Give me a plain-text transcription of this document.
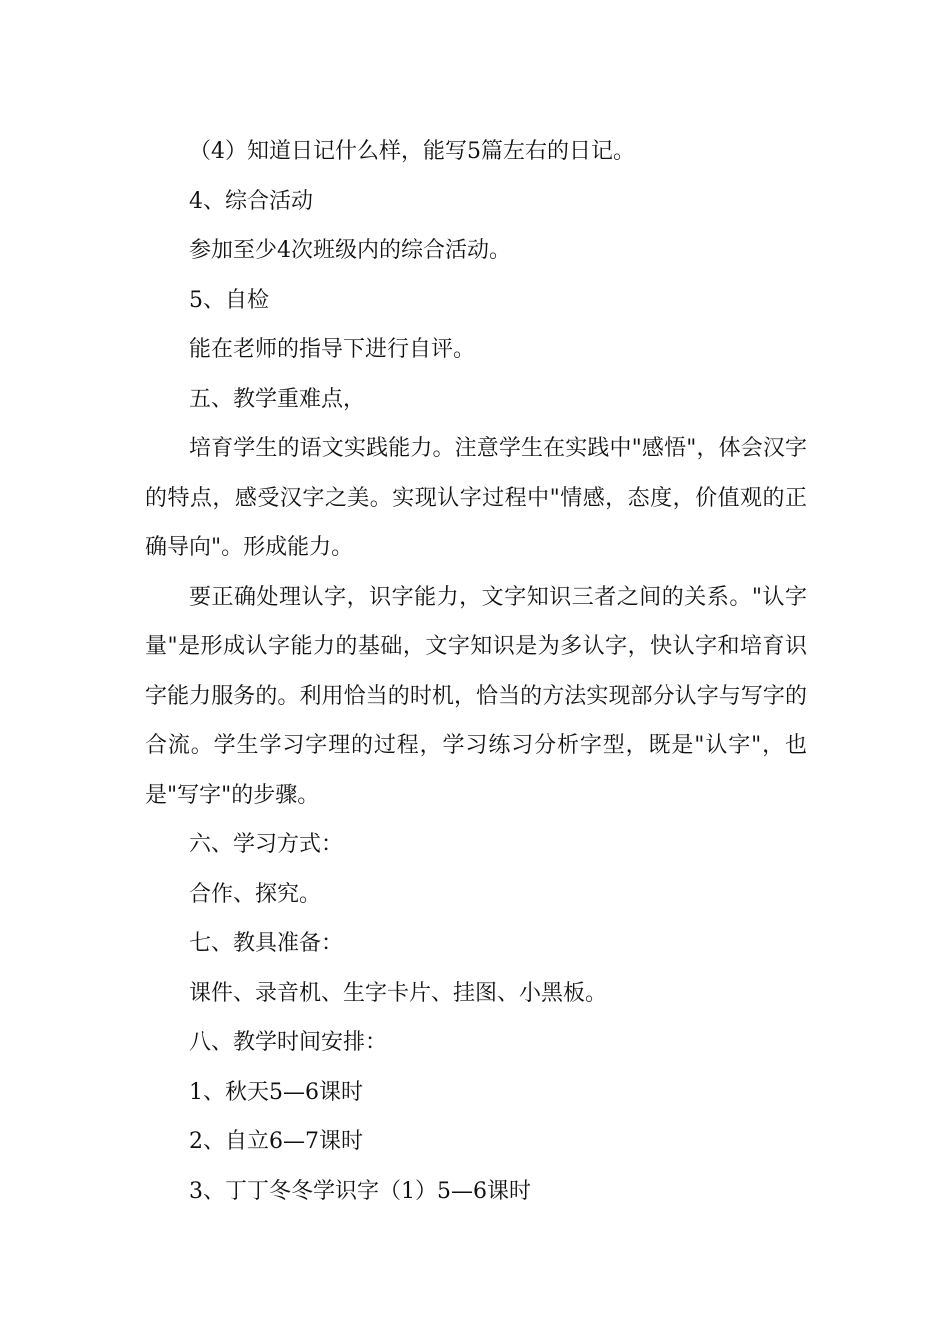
（4）知道日记什么样，能写5篇左右的日记。

4、综合活动

参加至少4次班级内的综合活动。

5、自检

能在老师的指导下进行自评。

五、教学重难点，

培育学生的语文实践能力。注意学生在实践中"感悟"，体会汉字的特点，感受汉字之美。实现认字过程中"情感，态度，价值观的正确导向"。形成能力。

要正确处理认字，识字能力，文字知识三者之间的关系。"认字量"是形成认字能力的基础，文字知识是为多认字，快认字和培育识字能力服务的。利用恰当的时机，恰当的方法实现部分认字与写字的合流。学生学习字理的过程，学习练习分析字型，既是"认字"，也是"写字"的步骤。

六、学习方式：

合作、探究。

七、教具准备：

课件、录音机、生字卡片、挂图、小黑板。

八、教学时间安排：

1、秋天5—6课时

2、自立6—7课时

3、丁丁冬冬学识字（1）5—6课时
